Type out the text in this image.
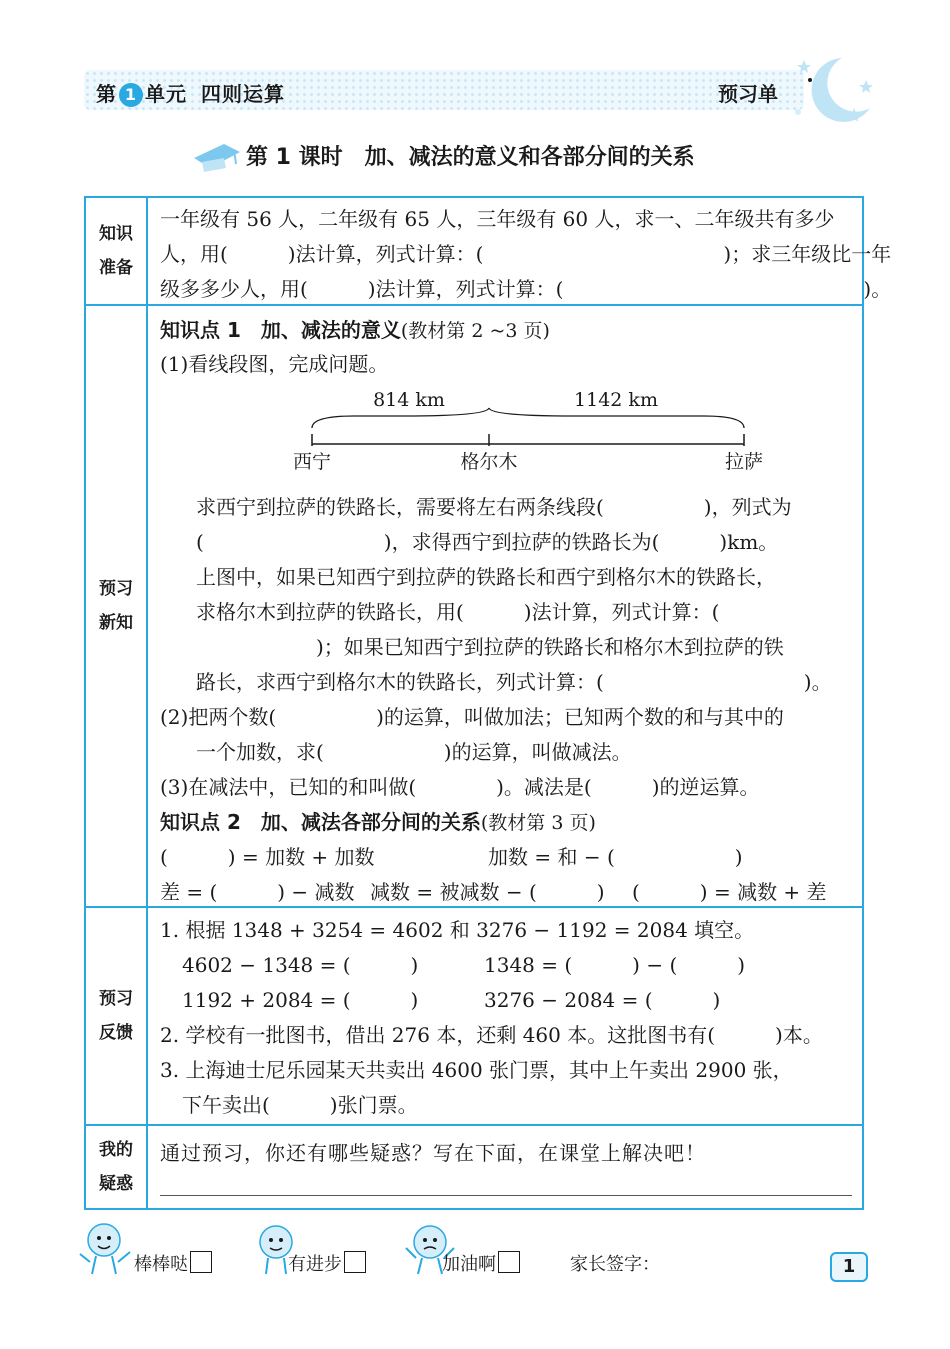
第 1 单元 四则运算	预习单
第 1 课时 加、减法的意义和各部分间的关系
知识
准备
一年级有 56 人，二年级有 65 人，三年级有 60 人，求一、二年级共有多少
人，用(　　　)法计算，列式计算：(　　　　　　　　　　　　)；求三年级比一年
级多多少人，用(　　　)法计算，列式计算：(　　　　　　　　　　　　　　　)。
预习
新知
知识点 1　加、减法的意义(教材第 2 ~3 页)
(1)看线段图，完成问题。
求西宁到拉萨的铁路长，需要将左右两条线段(　　　　　)，列式为
(　　　　　　　　　)，求得西宁到拉萨的铁路长为(　　　)km。
上图中，如果已知西宁到拉萨的铁路长和西宁到格尔木的铁路长，
求格尔木到拉萨的铁路长，用(　　　)法计算，列式计算：(
　　　　　　)；如果已知西宁到拉萨的铁路长和格尔木到拉萨的铁
路长，求西宁到格尔木的铁路长，列式计算：(　　　　　　　　　　)。
(2)把两个数(　　　　　)的运算，叫做加法；已知两个数的和与其中的
一个加数，求(　　　　　　)的运算，叫做减法。
(3)在减法中，已知的和叫做(　　　　)。减法是(　　　)的逆运算。
知识点 2　加、减法各部分间的关系(教材第 3 页)
(　　　) = 加数 + 加数	加数 = 和 − (　　　　　　)
差 = (　　　) − 减数 减数 = 被减数 − (　　　) (　　　) = 减数 + 差
预习
反馈
1. 根据 1348 + 3254 = 4602 和 3276 − 1192 = 2084 填空。
4602 − 1348 = (　　　)	1348 = (　　　) − (　　　)
1192 + 2084 = (　　　)	3276 − 2084 = (　　　)
2. 学校有一批图书，借出 276 本，还剩 460 本。这批图书有(　　　)本。
3. 上海迪士尼乐园某天共卖出 4600 张门票，其中上午卖出 2900 张，
下午卖出(　　　)张门票。
我的
疑惑
通过预习，你还有哪些疑惑？写在下面，在课堂上解决吧！
814 km	1142 km
西宁	格尔木	拉萨
棒棒哒	有进步	加油啊	家长签字：	1
